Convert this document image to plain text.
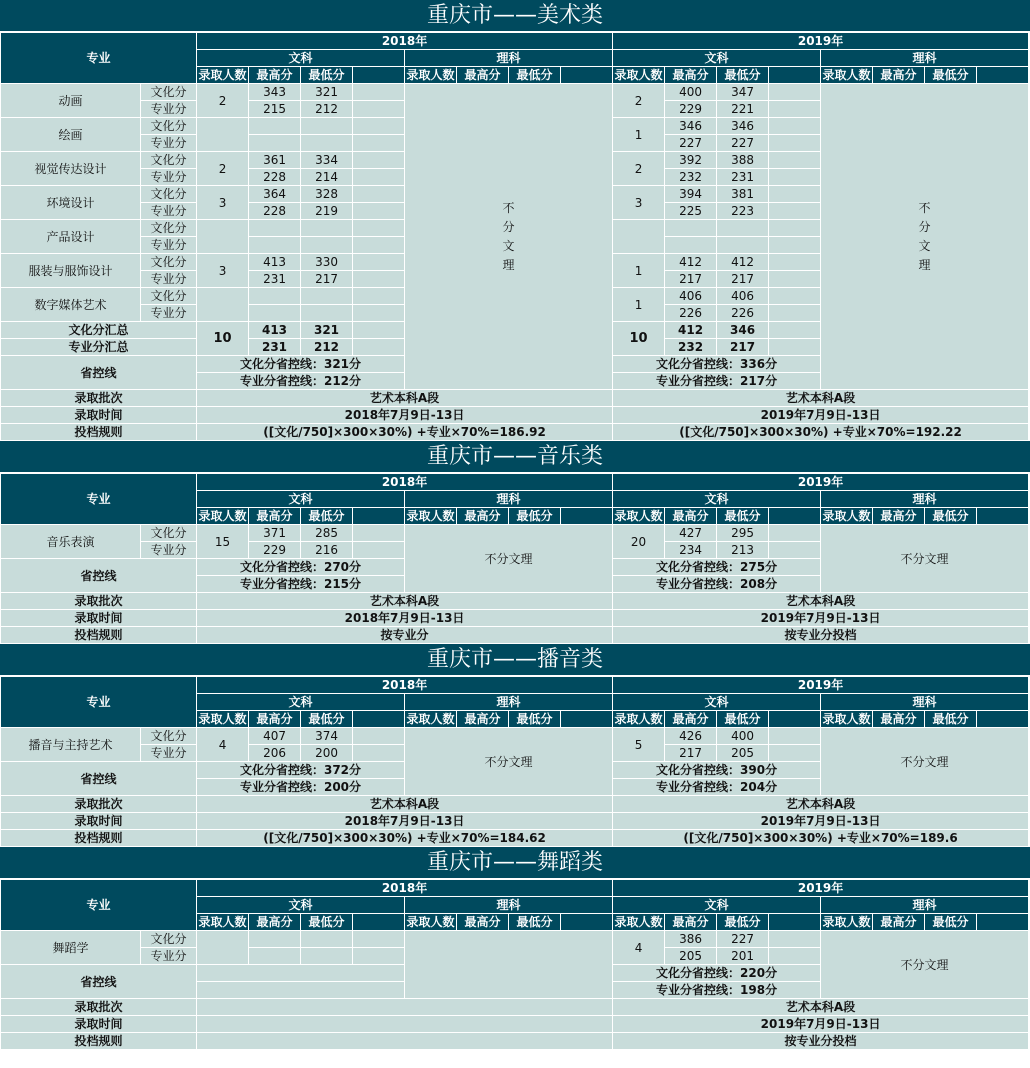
重庆市——美术类
专业		2018年								2019年							
		文科				理科				文科				理科			
		录取人数	最高分	最低分		录取人数	最高分	最低分		录取人数	最高分	最低分		录取人数	最高分	最低分	
动画	文化分	2	343	321		不分文理				2	400	347		不分文理			

	专业分		215	212							229	221					
绘画	文化分									1	346	346					
	专业分										227	227					
视觉传达设计	文化分	2	361	334						2	392	388					
	专业分		228	214							232	231					
环境设计	文化分	3	364	328						3	394	381					
	专业分		228	219							225	223					
产品设计	文化分																
	专业分																
服装与服饰设计	文化分	3	413	330						1	412	412					
	专业分		231	217							217	217					
数字媒体艺术	文化分									1	406	406					
	专业分										226	226					
文化分汇总		10	413	321						10	412	346					
专业分汇总			231	212							232	217					
省控线		文化分省控线：321分								文化分省控线：336分							
		专业分省控线：212分								专业分省控线：217分							
录取批次		艺术本科A段								艺术本科A段							
录取时间		2018年7月9日-13日								2019年7月9日-13日							
投档规则		([文化/750]×300×30%) +专业×70%=186.92								([文化/750]×300×30%) +专业×70%=192.22							
重庆市——音乐类
专业		2018年								2019年							
		文科				理科				文科				理科			
		录取人数	最高分	最低分		录取人数	最高分	最低分		录取人数	最高分	最低分		录取人数	最高分	最低分	
音乐表演	文化分	15	371	285		不分文理				20	427	295		不分文理			
	专业分		229	216							234	213					
省控线		文化分省控线：270分								文化分省控线：275分							
		专业分省控线：215分								专业分省控线：208分							
录取批次		艺术本科A段								艺术本科A段							
录取时间		2018年7月9日-13日								2019年7月9日-13日							
投档规则		按专业分								按专业分投档							
重庆市——播音类
专业		2018年								2019年							
		文科				理科				文科				理科			
		录取人数	最高分	最低分		录取人数	最高分	最低分		录取人数	最高分	最低分		录取人数	最高分	最低分	
播音与主持艺术	文化分	4	407	374		不分文理				5	426	400		不分文理			
	专业分		206	200							217	205					
省控线		文化分省控线：372分								文化分省控线：390分							
		专业分省控线：200分								专业分省控线：204分							
录取批次		艺术本科A段								艺术本科A段							
录取时间		2018年7月9日-13日								2019年7月9日-13日							
投档规则		([文化/750]×300×30%) +专业×70%=184.62								([文化/750]×300×30%) +专业×70%=189.6							
重庆市——舞蹈类
专业		2018年								2019年							
		文科				理科				文科				理科			
		录取人数	最高分	最低分		录取人数	最高分	最低分		录取人数	最高分	最低分		录取人数	最高分	最低分	
舞蹈学	文化分									4	386	227		不分文理			
	专业分										205	201					
省控线										文化分省控线：220分							
										专业分省控线：198分							
录取批次										艺术本科A段							
录取时间										2019年7月9日-13日							
投档规则										按专业分投档							
